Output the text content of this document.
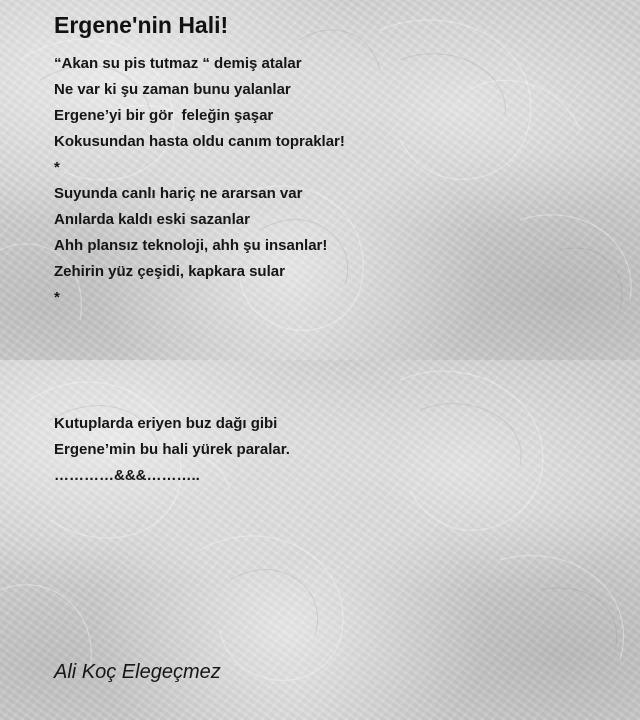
Ergene'nin Hali!
“Akan su pis tutmaz “ demiş atalar
Ne var ki şu zaman bunu yalanlar
Ergene’yi bir gör  feleğin şaşar
Kokusundan hasta oldu canım topraklar!
*
Suyunda canlı hariç ne ararsan var
Anılarda kaldı eski sazanlar
Ahh plansız teknoloji, ahh şu insanlar!
Zehirin yüz çeşidi, kapkara sular
*
Kutuplarda eriyen buz dağı gibi
Ergene’min bu hali yürek paralar.
…………&&&………..

Ali Koç Elegeçmez
